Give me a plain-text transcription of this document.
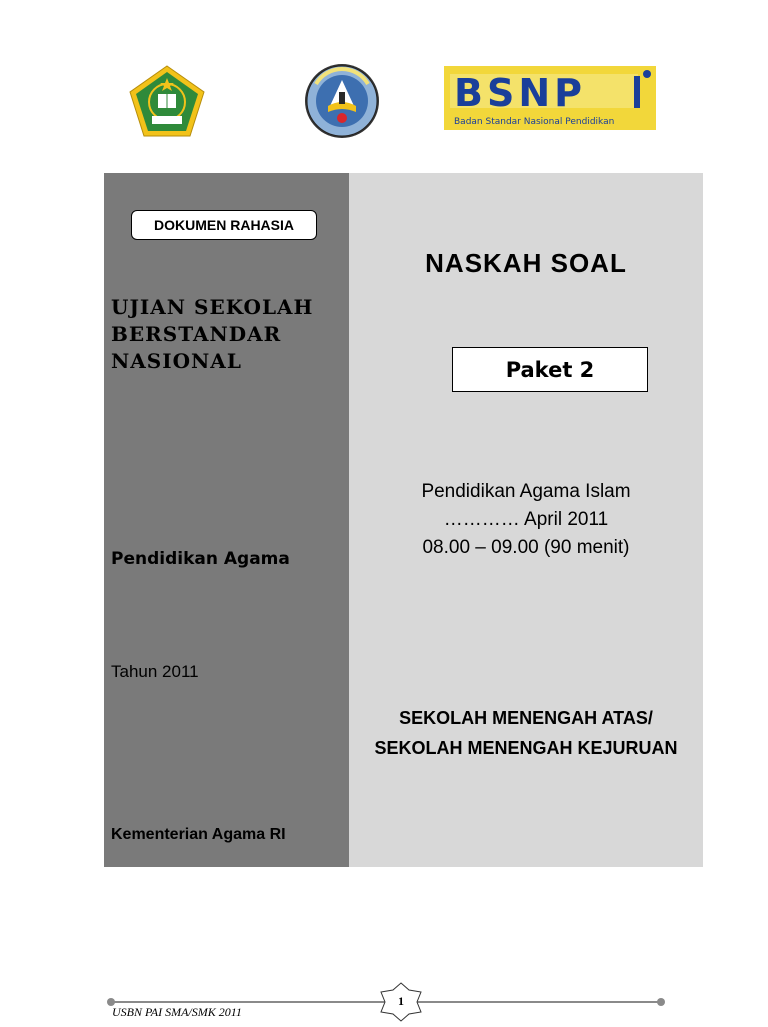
BSNP
Badan Standar Nasional Pendidikan
DOKUMEN RAHASIA
UJIAN SEKOLAH
BERSTANDAR
NASIONAL
Pendidikan Agama
Tahun 2011
Kementerian Agama RI
NASKAH SOAL
Paket 2
Pendidikan Agama Islam
………… April 2011
08.00 – 09.00 (90 menit)
SEKOLAH MENENGAH ATAS/
SEKOLAH MENENGAH KEJURUAN
USBN PAI SMA/SMK 2011
1
